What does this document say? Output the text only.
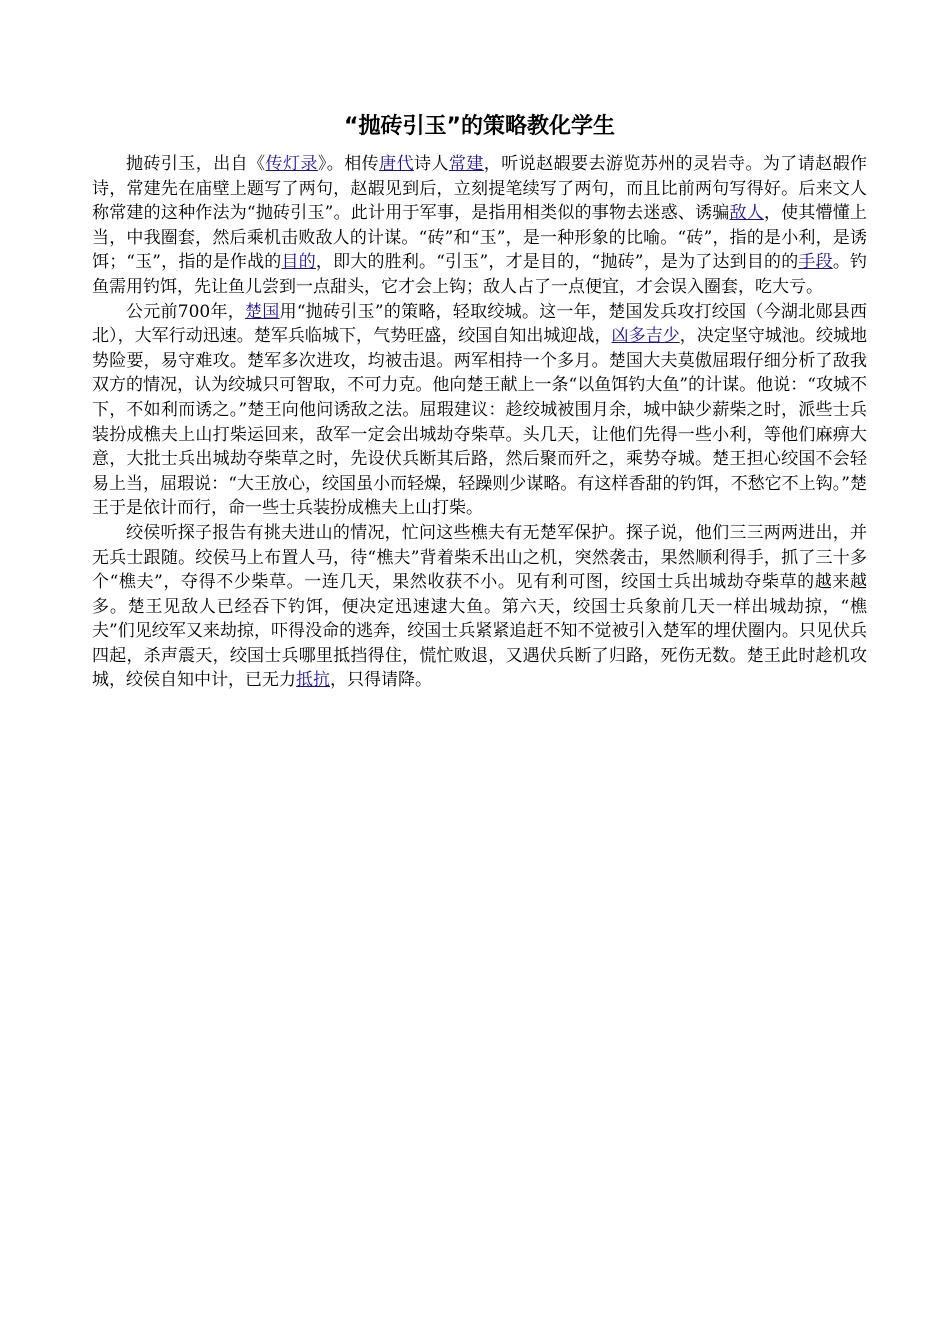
“抛砖引玉”的策略教化学生

抛砖引玉，出自《传灯录》。相传唐代诗人常建，听说赵嘏要去游览苏州的灵岩寺。为了请赵嘏作诗，常建先在庙壁上题写了两句，赵嘏见到后，立刻提笔续写了两句，而且比前两句写得好。后来文人称常建的这种作法为“抛砖引玉”。此计用于军事，是指用相类似的事物去迷惑、诱骗敌人，使其懵懂上当，中我圈套，然后乘机击败敌人的计谋。“砖”和“玉”，是一种形象的比喻。“砖”，指的是小利，是诱饵；“玉”，指的是作战的目的，即大的胜利。“引玉”，才是目的，“抛砖”，是为了达到目的的手段。钓鱼需用钓饵，先让鱼儿尝到一点甜头，它才会上钩；敌人占了一点便宜，才会误入圈套，吃大亏。

公元前700年，楚国用“抛砖引玉”的策略，轻取绞城。这一年，楚国发兵攻打绞国（今湖北郧县西北），大军行动迅速。楚军兵临城下，气势旺盛，绞国自知出城迎战，凶多吉少，决定坚守城池。绞城地势险要，易守难攻。楚军多次进攻，均被击退。两军相持一个多月。楚国大夫莫傲屈瑕仔细分析了敌我双方的情况，认为绞城只可智取，不可力克。他向楚王献上一条“以鱼饵钓大鱼”的计谋。他说：“攻城不下，不如利而诱之。”楚王向他问诱敌之法。屈瑕建议：趁绞城被围月余，城中缺少薪柴之时，派些士兵装扮成樵夫上山打柴运回来，敌军一定会出城劫夺柴草。头几天，让他们先得一些小利，等他们麻痹大意，大批士兵出城劫夺柴草之时，先设伏兵断其后路，然后聚而歼之，乘势夺城。楚王担心绞国不会轻易上当，屈瑕说：“大王放心，绞国虽小而轻燥，轻躁则少谋略。有这样香甜的钓饵，不愁它不上钩。”楚王于是依计而行，命一些士兵装扮成樵夫上山打柴。

绞侯听探子报告有挑夫进山的情况，忙问这些樵夫有无楚军保护。探子说，他们三三两两进出，并无兵士跟随。绞侯马上布置人马，待“樵夫”背着柴禾出山之机，突然袭击，果然顺利得手，抓了三十多个“樵夫”，夺得不少柴草。一连几天，果然收获不小。见有利可图，绞国士兵出城劫夺柴草的越来越多。楚王见敌人已经吞下钓饵，便决定迅速逮大鱼。第六天，绞国士兵象前几天一样出城劫掠，“樵夫”们见绞军又来劫掠，吓得没命的逃奔，绞国士兵紧紧追赶不知不觉被引入楚军的埋伏圈内。只见伏兵四起，杀声震天，绞国士兵哪里抵挡得住，慌忙败退，又遇伏兵断了归路，死伤无数。楚王此时趁机攻城，绞侯自知中计，已无力抵抗，只得请降。
